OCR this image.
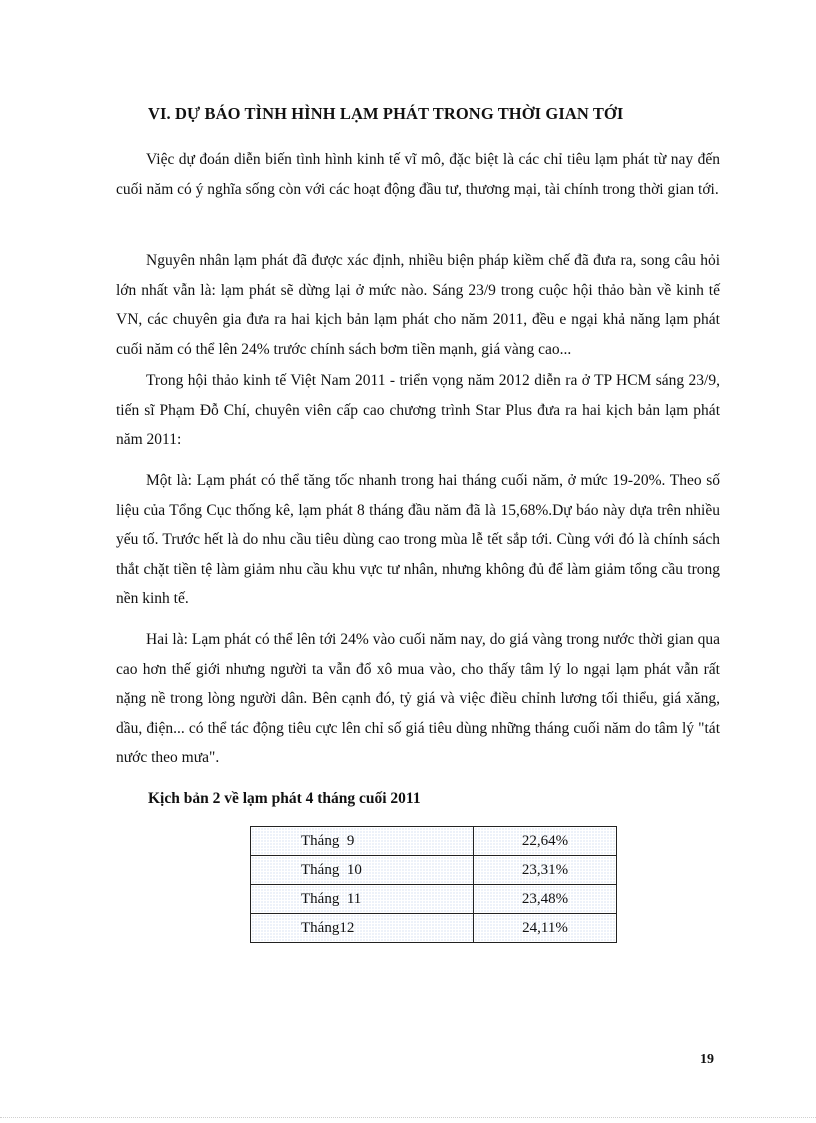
VI. DỰ BÁO TÌNH HÌNH LẠM PHÁT TRONG THỜI GIAN TỚI

Việc dự đoán diễn biến tình hình kinh tế vĩ mô, đặc biệt là các chỉ tiêu lạm phát từ nay đến cuối năm có ý nghĩa sống còn với các hoạt động đầu tư, thương mại, tài chính trong thời gian tới.

Nguyên nhân lạm phát đã được xác định, nhiều biện pháp kiềm chế đã đưa ra, song câu hỏi lớn nhất vẫn là: lạm phát sẽ dừng lại ở mức nào. Sáng 23/9 trong cuộc hội thảo bàn về kinh tế VN, các chuyên gia đưa ra hai kịch bản lạm phát cho năm 2011, đều e ngại khả năng lạm phát cuối năm có thể lên 24% trước chính sách bơm tiền mạnh, giá vàng cao...

Trong hội thảo kinh tế Việt Nam 2011 - triển vọng năm 2012 diễn ra ở TP HCM sáng 23/9, tiến sĩ Phạm Đỗ Chí, chuyên viên cấp cao chương trình Star Plus đưa ra hai kịch bản lạm phát năm 2011:

Một là: Lạm phát có thể tăng tốc nhanh trong hai tháng cuối năm, ở mức 19-20%. Theo số liệu của Tổng Cục thống kê, lạm phát 8 tháng đầu năm đã là 15,68%.Dự báo này dựa trên nhiều yếu tố. Trước hết là do nhu cầu tiêu dùng cao trong mùa lễ tết sắp tới. Cùng với đó là chính sách thắt chặt tiền tệ làm giảm nhu cầu khu vực tư nhân, nhưng không đủ để làm giảm tổng cầu trong nền kinh tế.

Hai là: Lạm phát có thể lên tới 24% vào cuối năm nay, do giá vàng trong nước thời gian qua cao hơn thế giới nhưng người ta vẫn đổ xô mua vào, cho thấy tâm lý lo ngại lạm phát vẫn rất nặng nề trong lòng người dân. Bên cạnh đó, tỷ giá và việc điều chỉnh lương tối thiểu, giá xăng, dầu, điện... có thể tác động tiêu cực lên chỉ số giá tiêu dùng những tháng cuối năm do tâm lý "tát nước theo mưa".

Kịch bản 2 về lạm phát 4 tháng cuối 2011
Tháng  9	22,64%
Tháng  10	23,31%
Tháng  11	23,48%
Tháng12	24,11%
19
